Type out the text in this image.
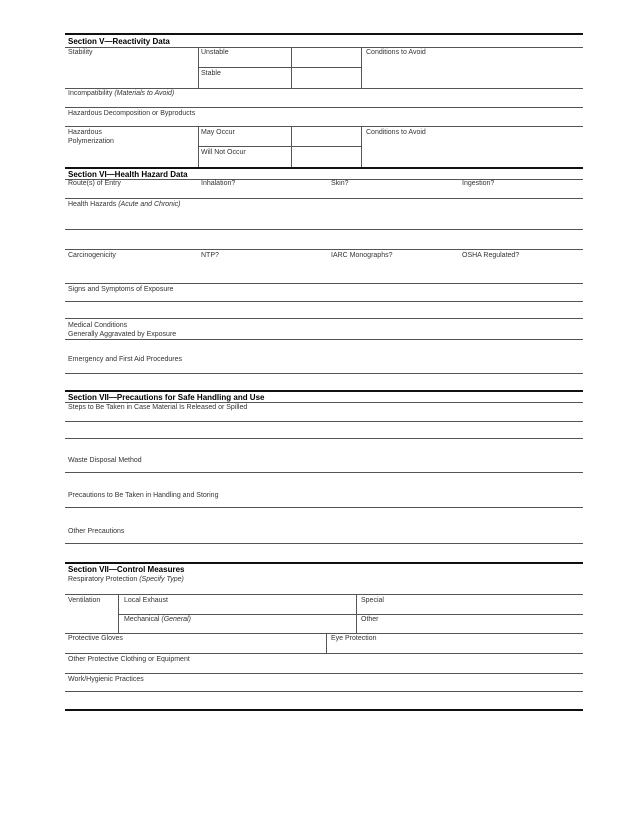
Section V—Reactivity Data
Stability	Unstable	Conditions to Avoid
Stable
Incompatibility (Materials to Avoid)
Hazardous Decomposition or Byproducts
Hazardous
Polymerization
May Occur	Conditions to Avoid
Will Not Occur
Section VI—Health Hazard Data
Route(s) of Entry	Inhalation?	Skin?	Ingestion?
Health Hazards (Acute and Chronic)
Carcinogenicity	NTP?	IARC Monographs?	OSHA Regulated?
Signs and Symptoms of Exposure
Medical Conditions
Generally Aggravated by Exposure
Emergency and First Aid Procedures
Section VII—Precautions for Safe Handling and Use
Steps to Be Taken in Case Material Is Released or Spilled
Waste Disposal Method
Precautions to Be Taken in Handling and Storing
Other Precautions
Section VII—Control Measures
Respiratory Protection (Specify Type)
Ventilation	Local Exhaust	Special
Mechanical (General)	Other
Protective Gloves	Eye Protection
Other Protective Clothing or Equipment
Work/Hygienic Practices
